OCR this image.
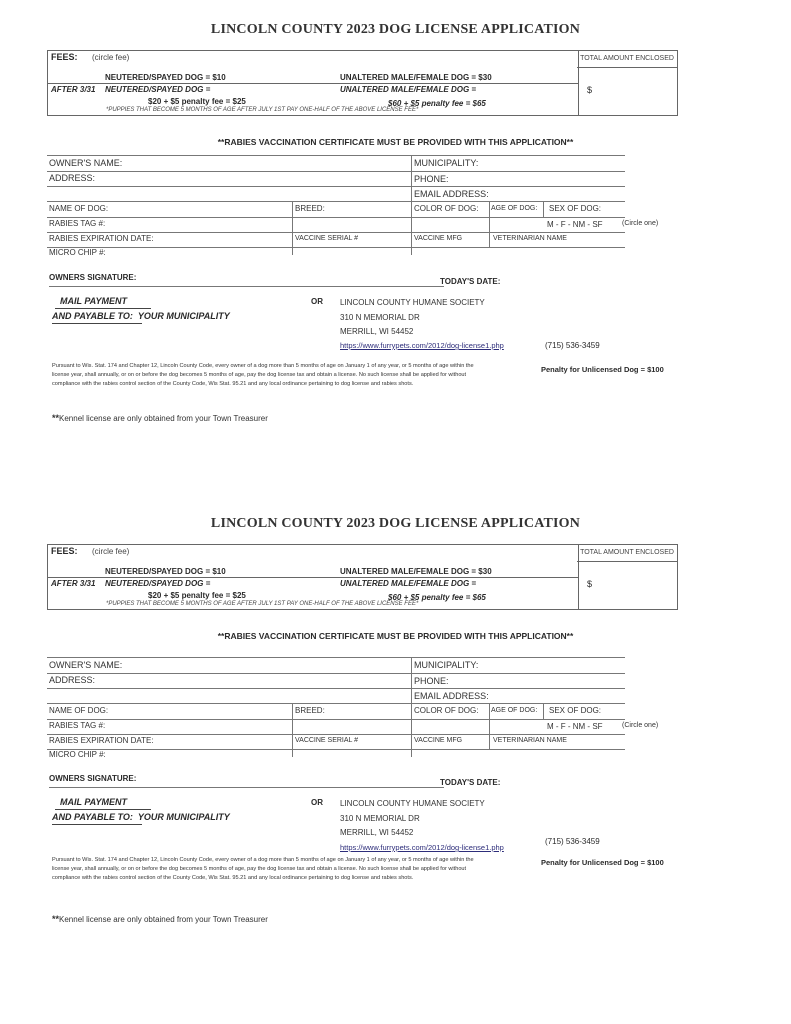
LINCOLN COUNTY 2023 DOG LICENSE APPLICATION
FEES: (circle fee)
NEUTERED/SPAYED DOG = $10	UNALTERED MALE/FEMALE DOG = $30
AFTER 3/31 NEUTERED/SPAYED DOG =	UNALTERED MALE/FEMALE DOG =
$20 + $5 penalty fee = $25	$60 + $5 penalty fee = $65
*PUPPIES THAT BECOME 5 MONTHS OF AGE AFTER JULY 1ST PAY ONE-HALF OF THE ABOVE LICENSE FEE*
TOTAL AMOUNT ENCLOSED
$
**RABIES VACCINATION CERTIFICATE MUST BE PROVIDED WITH THIS APPLICATION**
OWNER'S NAME:	MUNICIPALITY:
ADDRESS:	PHONE:
EMAIL ADDRESS:
NAME OF DOG:	BREED:	COLOR OF DOG: AGE OF DOG: SEX OF DOG:
RABIES TAG #:	M - F - NM - SF	(Circle one)
RABIES EXPIRATION DATE:	VACCINE SERIAL #	VACCINE MFG	VETERINARIAN NAME
MICRO CHIP #:
OWNERS SIGNATURE:	TODAY'S DATE:
MAIL PAYMENT
AND PAYABLE TO: YOUR MUNICIPALITY
OR LINCOLN COUNTY HUMANE SOCIETY
310 N MEMORIAL DR
MERRILL, WI 54452
https://www.furrypets.com/2012/dog-license1.php	(715) 536-3459
Pursuant to Wis. Stat. 174 and Chapter 12, Lincoln County Code, every owner of a dog more than 5 months of age on January 1 of any year, or 5 months of age within the license year, shall annually, or on or before the dog becomes 5 months of age, pay the dog license tax and obtain a license. No such license shall be applied for without compliance with the rabies control section of the County Code, Wis Stat. 95.21 and any local ordinance pertaining to dog license and rabies shots.
Penalty for Unlicensed Dog = $100
**Kennel license are only obtained from your Town Treasurer
LINCOLN COUNTY 2023 DOG LICENSE APPLICATION
FEES: (circle fee)
NEUTERED/SPAYED DOG = $10	UNALTERED MALE/FEMALE DOG = $30
AFTER 3/31 NEUTERED/SPAYED DOG =	UNALTERED MALE/FEMALE DOG =
$20 + $5 penalty fee = $25	$60 + $5 penalty fee = $65
*PUPPIES THAT BECOME 5 MONTHS OF AGE AFTER JULY 1ST PAY ONE-HALF OF THE ABOVE LICENSE FEE*
TOTAL AMOUNT ENCLOSED
$
**RABIES VACCINATION CERTIFICATE MUST BE PROVIDED WITH THIS APPLICATION**
OWNER'S NAME:	MUNICIPALITY:
ADDRESS:	PHONE:
EMAIL ADDRESS:
NAME OF DOG:	BREED:	COLOR OF DOG: AGE OF DOG: SEX OF DOG:
RABIES TAG #:	M - F - NM - SF	(Circle one)
RABIES EXPIRATION DATE:	VACCINE SERIAL #	VACCINE MFG	VETERINARIAN NAME
MICRO CHIP #:
OWNERS SIGNATURE:	TODAY'S DATE:
MAIL PAYMENT
AND PAYABLE TO: YOUR MUNICIPALITY
OR LINCOLN COUNTY HUMANE SOCIETY
310 N MEMORIAL DR
MERRILL, WI 54452
https://www.furrypets.com/2012/dog-license1.php
(715) 536-3459
Pursuant to Wis. Stat. 174 and Chapter 12, Lincoln County Code, every owner of a dog more than 5 months of age on January 1 of any year, or 5 months of age within the license year, shall annually, or on or before the dog becomes 5 months of age, pay the dog license tax and obtain a license. No such license shall be applied for without compliance with the rabies control section of the County Code, Wis Stat. 95.21 and any local ordinance pertaining to dog license and rabies shots.
Penalty for Unlicensed Dog = $100
**Kennel license are only obtained from your Town Treasurer
